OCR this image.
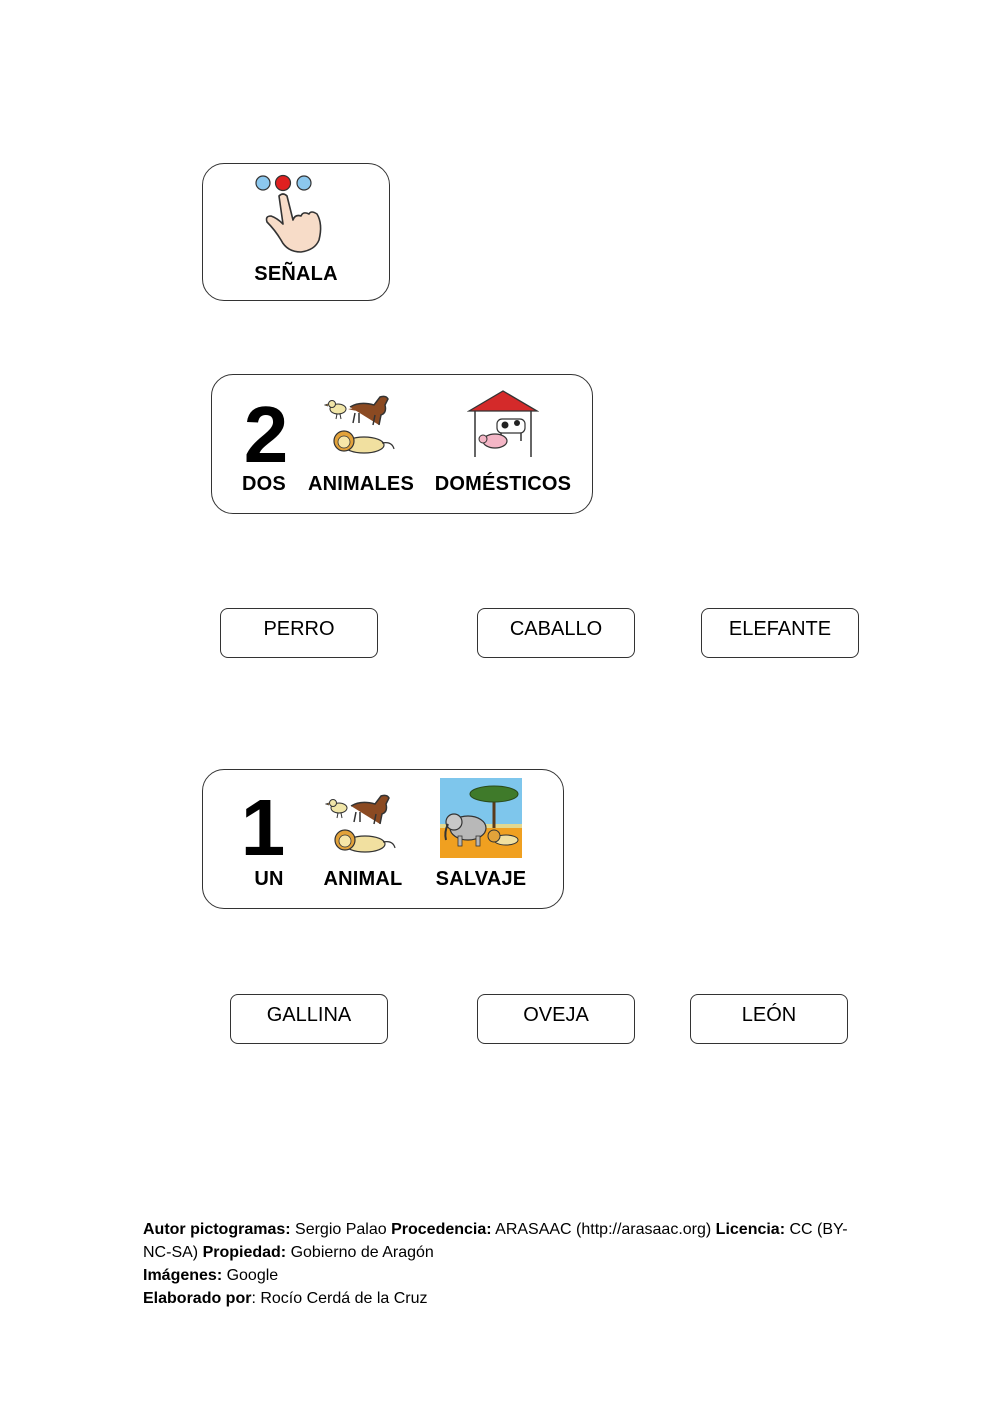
SEÑALA
2
DOS	ANIMALES DOMÉSTICOS
PERRO	CABALLO	ELEFANTE
1
UN	ANIMAL	SALVAJE
GALLINA	OVEJA	LEÓN
Autor pictogramas: Sergio Palao Procedencia: ARASAAC (http://arasaac.org) Licencia: CC (BY-NC-SA) Propiedad: Gobierno de Aragón
Imágenes: Google
Elaborado por: Rocío Cerdá de la Cruz
